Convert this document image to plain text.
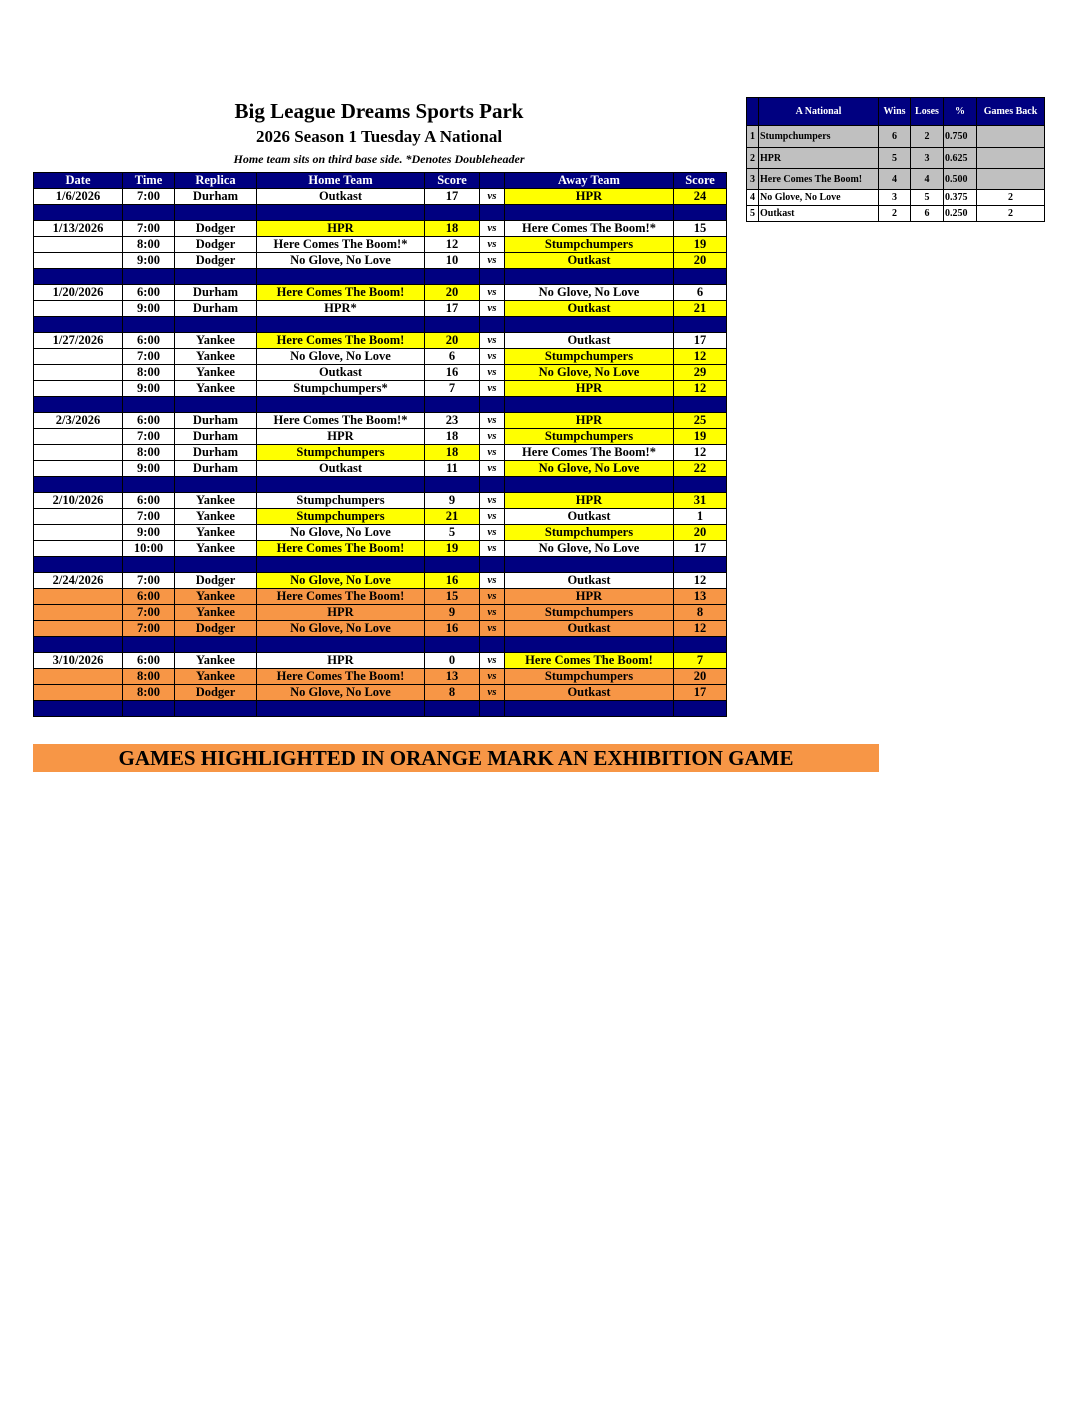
Big League Dreams Sports Park
2026 Season 1 Tuesday A National
Home team sits on third base side. *Denotes Doubleheader
Date	Time	Replica	Home Team	Score		Away Team	Score
1/6/2026	7:00	Durham	Outkast	17	vs	HPR	24

1/13/2026	7:00	Dodger	HPR	18	vs	Here Comes The Boom!*	15
	8:00	Dodger	Here Comes The Boom!*	12	vs	Stumpchumpers	19
	9:00	Dodger	No Glove, No Love	10	vs	Outkast	20

1/20/2026	6:00	Durham	Here Comes The Boom!	20	vs	No Glove, No Love	6
	9:00	Durham	HPR*	17	vs	Outkast	21

1/27/2026	6:00	Yankee	Here Comes The Boom!	20	vs	Outkast	17
	7:00	Yankee	No Glove, No Love	6	vs	Stumpchumpers	12
	8:00	Yankee	Outkast	16	vs	No Glove, No Love	29
	9:00	Yankee	Stumpchumpers*	7	vs	HPR	12

2/3/2026	6:00	Durham	Here Comes The Boom!*	23	vs	HPR	25
	7:00	Durham	HPR	18	vs	Stumpchumpers	19
	8:00	Durham	Stumpchumpers	18	vs	Here Comes The Boom!*	12
	9:00	Durham	Outkast	11	vs	No Glove, No Love	22

2/10/2026	6:00	Yankee	Stumpchumpers	9	vs	HPR	31
	7:00	Yankee	Stumpchumpers	21	vs	Outkast	1
	9:00	Yankee	No Glove, No Love	5	vs	Stumpchumpers	20
	10:00	Yankee	Here Comes The Boom!	19	vs	No Glove, No Love	17

2/24/2026	7:00	Dodger	No Glove, No Love	16	vs	Outkast	12
	6:00	Yankee	Here Comes The Boom!	15	vs	HPR	13
	7:00	Yankee	HPR	9	vs	Stumpchumpers	8
	7:00	Dodger	No Glove, No Love	16	vs	Outkast	12

3/10/2026	6:00	Yankee	HPR	0	vs	Here Comes The Boom!	7
	8:00	Yankee	Here Comes The Boom!	13	vs	Stumpchumpers	20
	8:00	Dodger	No Glove, No Love	8	vs	Outkast	17

GAMES HIGHLIGHTED IN ORANGE MARK AN EXHIBITION GAME
	A National	Wins	Loses	%	Games Back
1	Stumpchumpers	6	2	0.750	
2	HPR	5	3	0.625	
3	Here Comes The Boom!	4	4	0.500	
4	No Glove, No Love	3	5	0.375	2
5	Outkast	2	6	0.250	2
